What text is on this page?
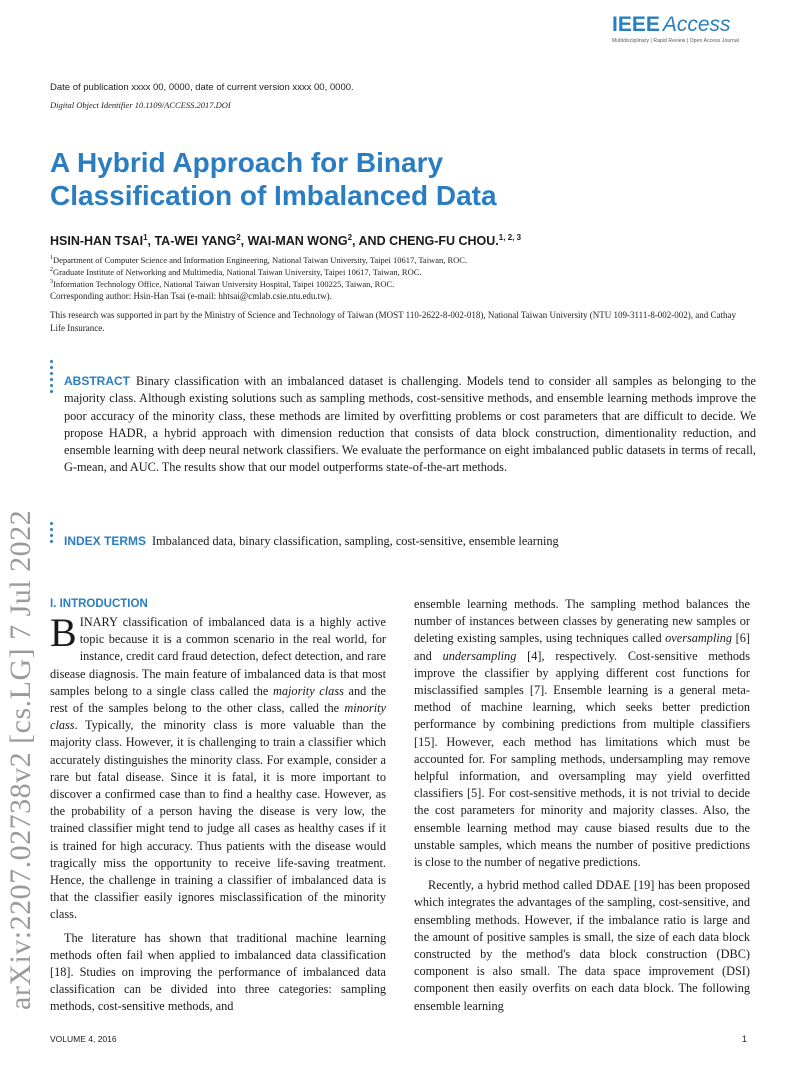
IEEE Access
Multidisciplinary | Rapid Review | Open Access Journal
Date of publication xxxx 00, 0000, date of current version xxxx 00, 0000.
Digital Object Identifier 10.1109/ACCESS.2017.DOI
A Hybrid Approach for Binary Classification of Imbalanced Data
HSIN-HAN TSAI$^1$, TA-WEI YANG$^2$, WAI-MAN WONG$^2$, AND CHENG-FU CHOU.$^{1, 2, 3}$
$^1$Department of Computer Science and Information Engineering, National Taiwan University, Taipei 10617, Taiwan, ROC.
$^2$Graduate Institute of Networking and Multimedia, National Taiwan University, Taipei 10617, Taiwan, ROC.
$^3$Information Technology Office, National Taiwan University Hospital, Taipei 100225, Taiwan, ROC.
Corresponding author: Hsin-Han Tsai (e-mail: hhtsai@cmlab.csie.ntu.edu.tw).
This research was supported in part by the Ministry of Science and Technology of Taiwan (MOST 110-2622-8-002-018), National Taiwan University (NTU 109-3111-8-002-002), and Cathay Life Insurance.
arXiv:2207.02738v2 [cs.LG] 7 Jul 2022
ABSTRACT Binary classification with an imbalanced dataset is challenging. Models tend to consider all samples as belonging to the majority class. Although existing solutions such as sampling methods, cost-sensitive methods, and ensemble learning methods improve the poor accuracy of the minority class, these methods are limited by overfitting problems or cost parameters that are difficult to decide. We propose HADR, a hybrid approach with dimension reduction that consists of data block construction, dimentionality reduction, and ensemble learning with deep neural network classifiers. We evaluate the performance on eight imbalanced public datasets in terms of recall, G-mean, and AUC. The results show that our model outperforms state-of-the-art methods.
INDEX TERMS Imbalanced data, binary classification, sampling, cost-sensitive, ensemble learning
I. INTRODUCTION

BINARY classification of imbalanced data is a highly active topic because it is a common scenario in the real world, for instance, credit card fraud detection, defect detection, and rare disease diagnosis. The main feature of imbalanced data is that most samples belong to a single class called the majority class and the rest of the samples belong to the other class, called the minority class. Typically, the minority class is more valuable than the majority class. However, it is challenging to train a classifier which accurately distinguishes the minority class. For example, consider a rare but fatal disease. Since it is fatal, it is more important to discover a confirmed case than to find a healthy case. However, as the probability of a person having the disease is very low, the trained classifier might tend to judge all cases as healthy cases if it is trained for high accuracy. Thus patients with the disease would tragically miss the opportunity to receive life-saving treatment. Hence, the challenge in training a classifier of imbalanced data is that the classifier easily ignores misclassification of the minority class.

The literature has shown that traditional machine learning methods often fail when applied to imbalanced data classification [18]. Studies on improving the performance of imbalanced data classification can be divided into three categories: sampling methods, cost-sensitive methods, and

ensemble learning methods. The sampling method balances the number of instances between classes by generating new samples or deleting existing samples, using techniques called oversampling [6] and undersampling [4], respectively. Cost-sensitive methods improve the classifier by applying different cost functions for misclassified samples [7]. Ensemble learning is a general meta-method of machine learning, which seeks better prediction performance by combining predictions from multiple classifiers [15]. However, each method has limitations which must be accounted for. For sampling methods, undersampling may remove helpful information, and oversampling may yield overfitted classifiers [5]. For cost-sensitive methods, it is not trivial to decide the cost parameters for minority and majority classes. Also, the ensemble learning method may cause biased results due to the unstable samples, which means the number of positive predictions is close to the number of negative predictions.

Recently, a hybrid method called DDAE [19] has been proposed which integrates the advantages of the sampling, cost-sensitive, and ensembling methods. However, if the imbalance ratio is large and the amount of positive samples is small, the size of each data block constructed by the method's data block construction (DBC) component is also small. The data space improvement (DSI) component then easily overfits on each data block. The following ensemble learning

VOLUME 4, 2016	1
